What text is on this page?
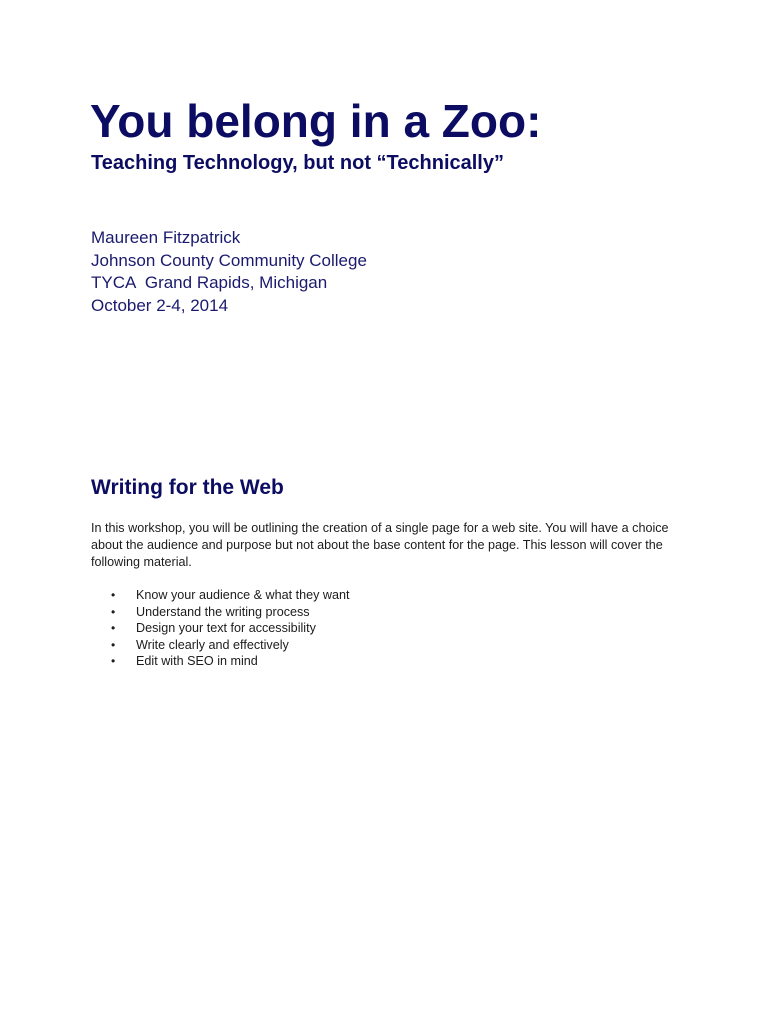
You belong in a Zoo:
Teaching Technology, but not “Technically”
Maureen Fitzpatrick
Johnson County Community College
TYCA  Grand Rapids, Michigan
October 2-4, 2014
Writing for the Web

In this workshop, you will be outlining the creation of a single page for a web site. You will have a choice about the audience and purpose but not about the base content for the page. This lesson will cover the following material.

• Know your audience & what they want
• Understand the writing process
• Design your text for accessibility
• Write clearly and effectively
• Edit with SEO in mind
